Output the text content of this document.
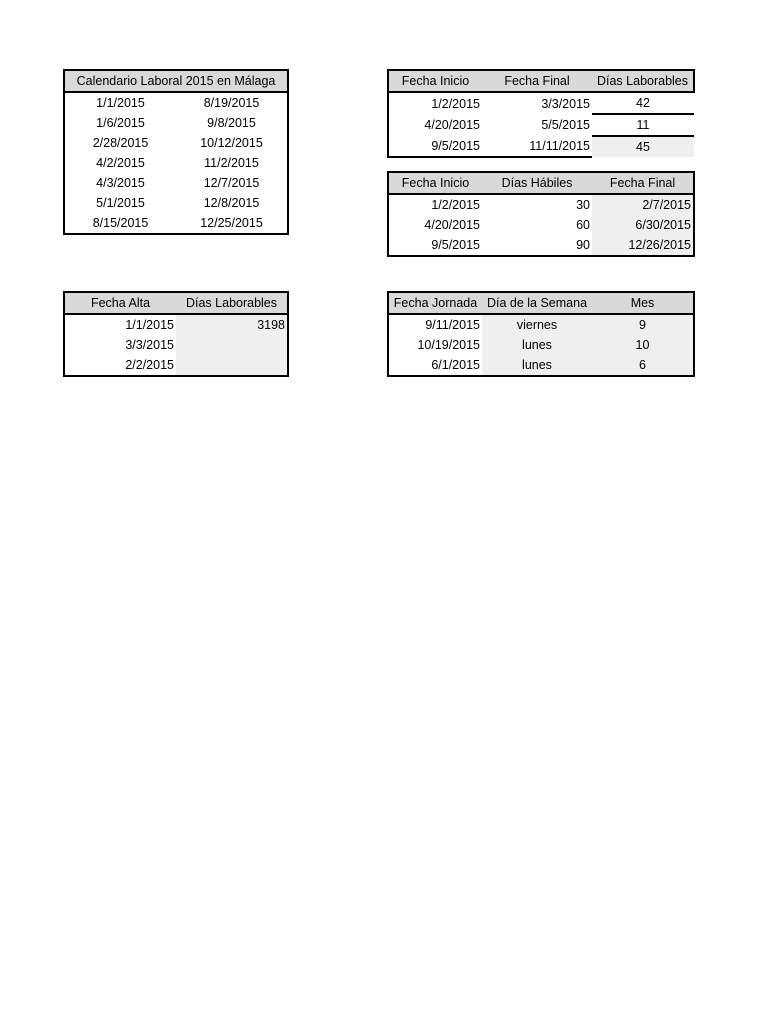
Calendario Laboral 2015 en Málaga	
1/1/2015	8/19/2015
1/6/2015	9/8/2015
2/28/2015	10/12/2015
4/2/2015	11/2/2015
4/3/2015	12/7/2015
5/1/2015	12/8/2015
8/15/2015	12/25/2015
Fecha Inicio	Fecha Final	Días Laborables
1/2/2015	3/3/2015	42
4/20/2015	5/5/2015	11
9/5/2015	11/11/2015	45
Fecha Inicio	Días Hábiles	Fecha Final
1/2/2015	30	2/7/2015
4/20/2015	60	6/30/2015
9/5/2015	90	12/26/2015
Fecha Alta	Días Laborables
1/1/2015	3198
3/3/2015	
2/2/2015	
Fecha Jornada	Día de la Semana	Mes
9/11/2015	viernes	9
10/19/2015	lunes	10
6/1/2015	lunes	6
